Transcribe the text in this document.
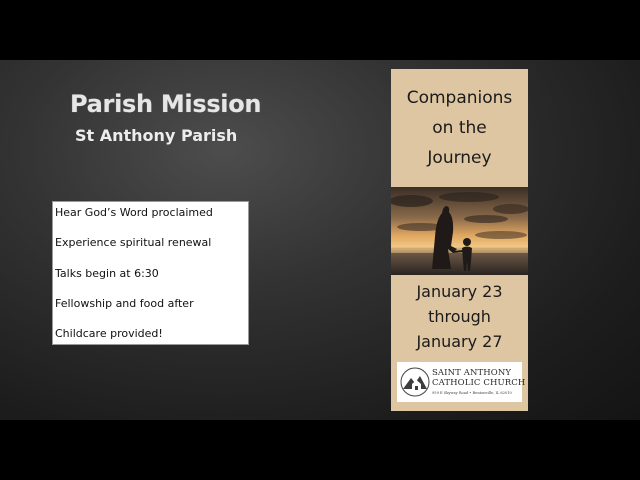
Parish Mission
St Anthony Parish
Hear God’s Word proclaimed
Experience spiritual renewal
Talks begin at 6:30
Fellowship and food after
Childcare provided!
Companions
on the
Journey
January 23
through
January 27
SAINT ANTHONY
CATHOLIC CHURCH
959 E Skyway Road • Bentonville, IL 62010
